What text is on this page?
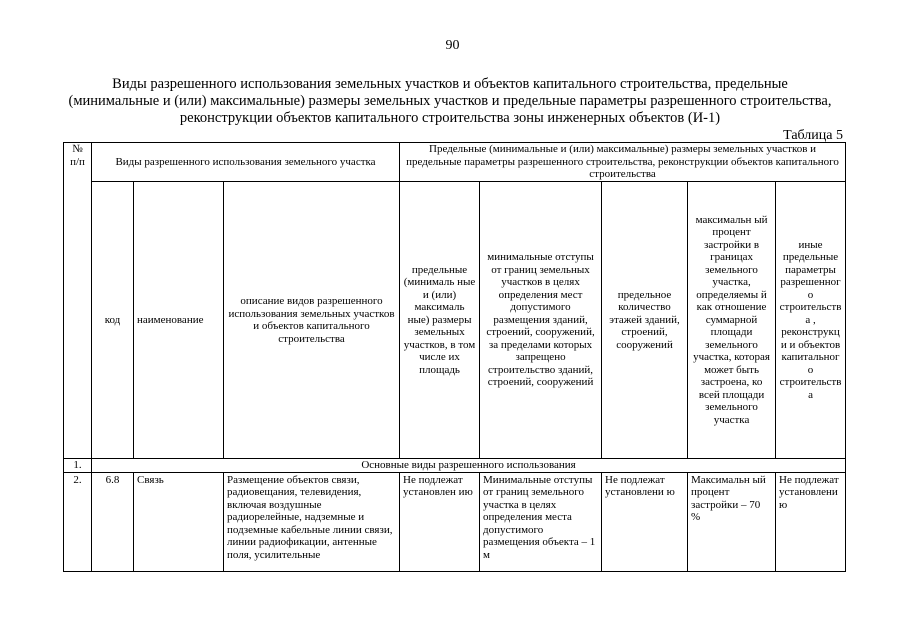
90
Виды разрешенного использования земельных участков и объектов капитального строительства, предельные
(минимальные и (или) максимальные) размеры земельных участков и предельные параметры разрешенного строительства,
реконструкции объектов капитального строительства зоны инженерных объектов (И-1)
Таблица 5
№ п/п	Виды разрешенного использования земельного участка			Предельные (минимальные и (или) максимальные) размеры земельных участков и предельные параметры разрешенного строительства, реконструкции объектов капитального строительства				
	код	наименование	описание видов разрешенного использования земельных участков и объектов капитального строительства	предельные (минималь ные и (или) максималь ные) размеры земельных участков, в том числе их площадь	минимальные отступы от границ земельных участков в целях определения мест допустимого размещения зданий, строений, сооружений, за пределами которых запрещено строительство зданий, строений, сооружений	предельное количество этажей зданий, строений, сооружений	максимальн ый процент застройки в границах земельного участка, определяемы й как отношение суммарной площади земельного участка, которая может быть застроена, ко всей площади земельного участка	иные предельные параметры разрешенного строительства , реконструкци и объектов капитального строительства
1.	Основные виды разрешенного использования							
2.	6.8	Связь	Размещение объектов связи, радиовещания, телевидения, включая воздушные радиорелейные, надземные и подземные кабельные линии связи, линии радиофикации, антенные поля, усилительные	Не подлежат установлен ию	Минимальные отступы от границ земельного участка в целях определения места допустимого размещения объекта – 1 м	Не подлежат установлени ю	Максимальн ый процент застройки – 70 %	Не подлежат установлению
